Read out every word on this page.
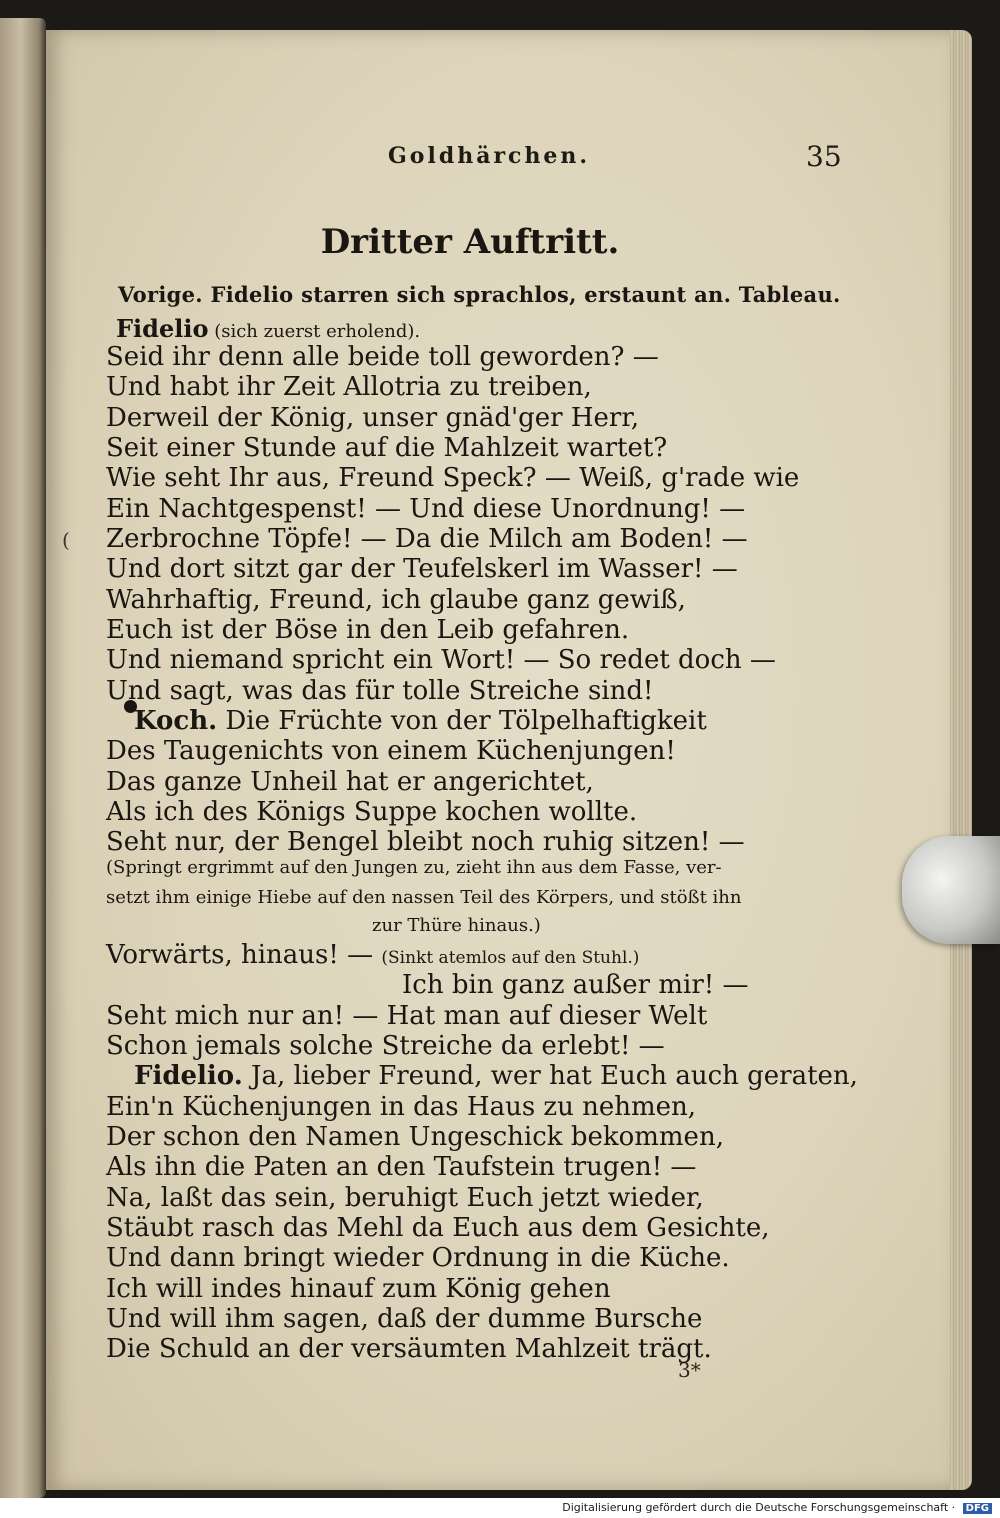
Goldhärchen.	35
Dritter Auftritt.
Vorige. Fidelio starren sich sprachlos, erstaunt an. Tableau.
(
Fidelio (sich zuerst erholend).
Seid ihr denn alle beide toll geworden? —
Und habt ihr Zeit Allotria zu treiben,
Derweil der König, unser gnäd'ger Herr,
Seit einer Stunde auf die Mahlzeit wartet?
Wie seht Ihr aus, Freund Speck? — Weiß, g'rade wie
Ein Nachtgespenst! — Und diese Unordnung! —
Zerbrochne Töpfe! — Da die Milch am Boden! —
Und dort sitzt gar der Teufelskerl im Wasser! —
Wahrhaftig, Freund, ich glaube ganz gewiß,
Euch ist der Böse in den Leib gefahren.
Und niemand spricht ein Wort! — So redet doch —
Und sagt, was das für tolle Streiche sind!
Koch. Die Früchte von der Tölpelhaftigkeit
Des Taugenichts von einem Küchenjungen!
Das ganze Unheil hat er angerichtet,
Als ich des Königs Suppe kochen wollte.
Seht nur, der Bengel bleibt noch ruhig sitzen! —
(Springt ergrimmt auf den Jungen zu, zieht ihn aus dem Fasse, ver-
setzt ihm einige Hiebe auf den nassen Teil des Körpers, und stößt ihn
zur Thüre hinaus.)
Vorwärts, hinaus! — (Sinkt atemlos auf den Stuhl.)
Ich bin ganz außer mir! —
Seht mich nur an! — Hat man auf dieser Welt
Schon jemals solche Streiche da erlebt! —
Fidelio. Ja, lieber Freund, wer hat Euch auch geraten,
Ein'n Küchenjungen in das Haus zu nehmen,
Der schon den Namen Ungeschick bekommen,
Als ihn die Paten an den Taufstein trugen! —
Na, laßt das sein, beruhigt Euch jetzt wieder,
Stäubt rasch das Mehl da Euch aus dem Gesichte,
Und dann bringt wieder Ordnung in die Küche.
Ich will indes hinauf zum König gehen
Und will ihm sagen, daß der dumme Bursche
Die Schuld an der versäumten Mahlzeit trägt.
3*
Digitalisierung gefördert durch die Deutsche Forschungsgemeinschaft · DFG
